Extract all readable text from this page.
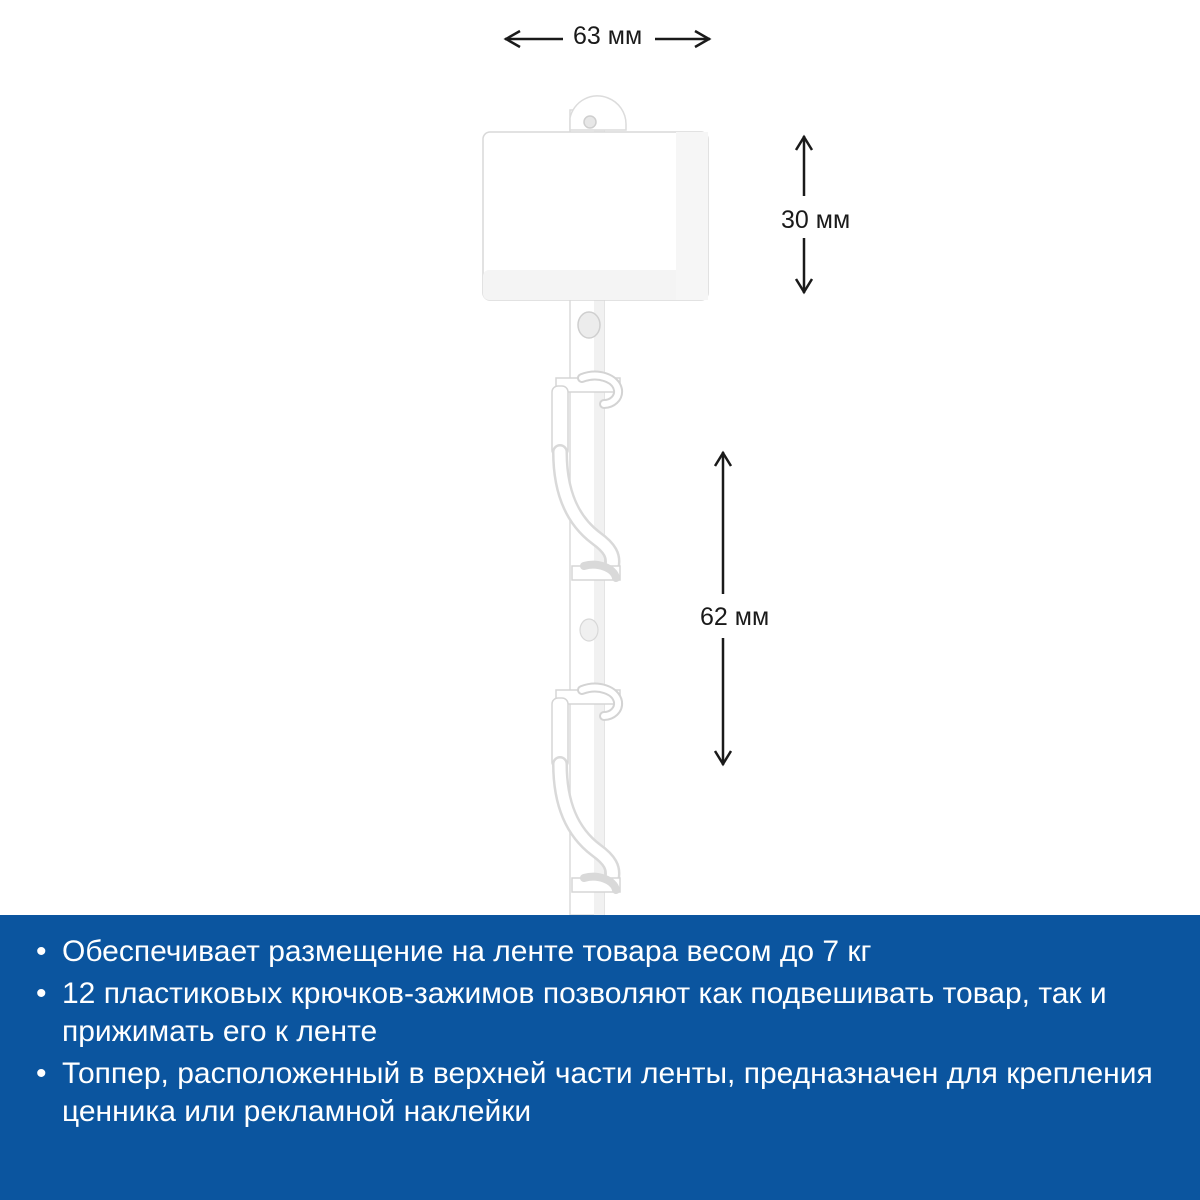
63 мм
30 мм
62 мм
• Обеспечивает размещение на ленте товара весом до 7 кг
• 12 пластиковых крючков-зажимов позволяют как подвешивать товар, так и прижимать его к ленте
• Топпер, расположенный в верхней части ленты, предназначен для крепления ценника или рекламной наклейки
